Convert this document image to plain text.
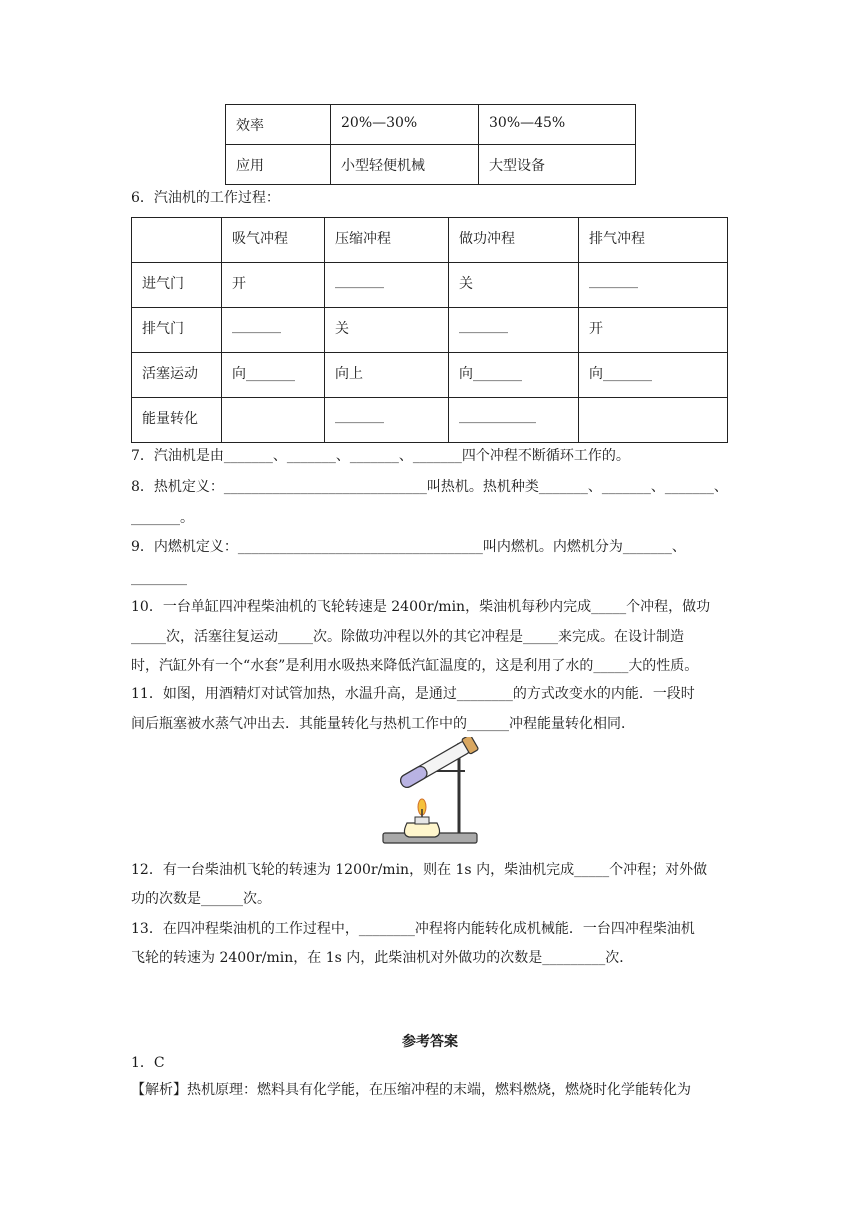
效率	20%—30%	30%—45%
应用	小型轻便机械	大型设备
6．汽油机的工作过程：
	吸气冲程	压缩冲程	做功冲程	排气冲程
进气门	开	_______	关	_______
排气门	_______	关	_______	开
活塞运动	向_______	向上	向_______	向_______
能量转化		_______	___________	
7．汽油机是由_______、_______、_______、_______四个冲程不断循环工作的。
8．热机定义：_____________________________叫热机。热机种类_______、_______、_______、
_______。
9．内燃机定义：___________________________________叫内燃机。内燃机分为_______、
________
10．一台单缸四冲程柴油机的飞轮转速是 2400r/min，柴油机每秒内完成_____个冲程，做功
_____次，活塞往复运动_____次。除做功冲程以外的其它冲程是_____来完成。在设计制造
时，汽缸外有一个“水套”是利用水吸热来降低汽缸温度的，这是利用了水的_____大的性质。
11．如图，用酒精灯对试管加热，水温升高，是通过________的方式改变水的内能．一段时
间后瓶塞被水蒸气冲出去．其能量转化与热机工作中的______冲程能量转化相同．
12．有一台柴油机飞轮的转速为 1200r/min，则在 1s 内，柴油机完成_____个冲程；对外做
功的次数是______次。
13．在四冲程柴油机的工作过程中，________冲程将内能转化成机械能．一台四冲程柴油机
飞轮的转速为 2400r/min，在 1s 内，此柴油机对外做功的次数是_________次．
参考答案
1．C
【解析】热机原理：燃料具有化学能，在压缩冲程的末端，燃料燃烧，燃烧时化学能转化为
